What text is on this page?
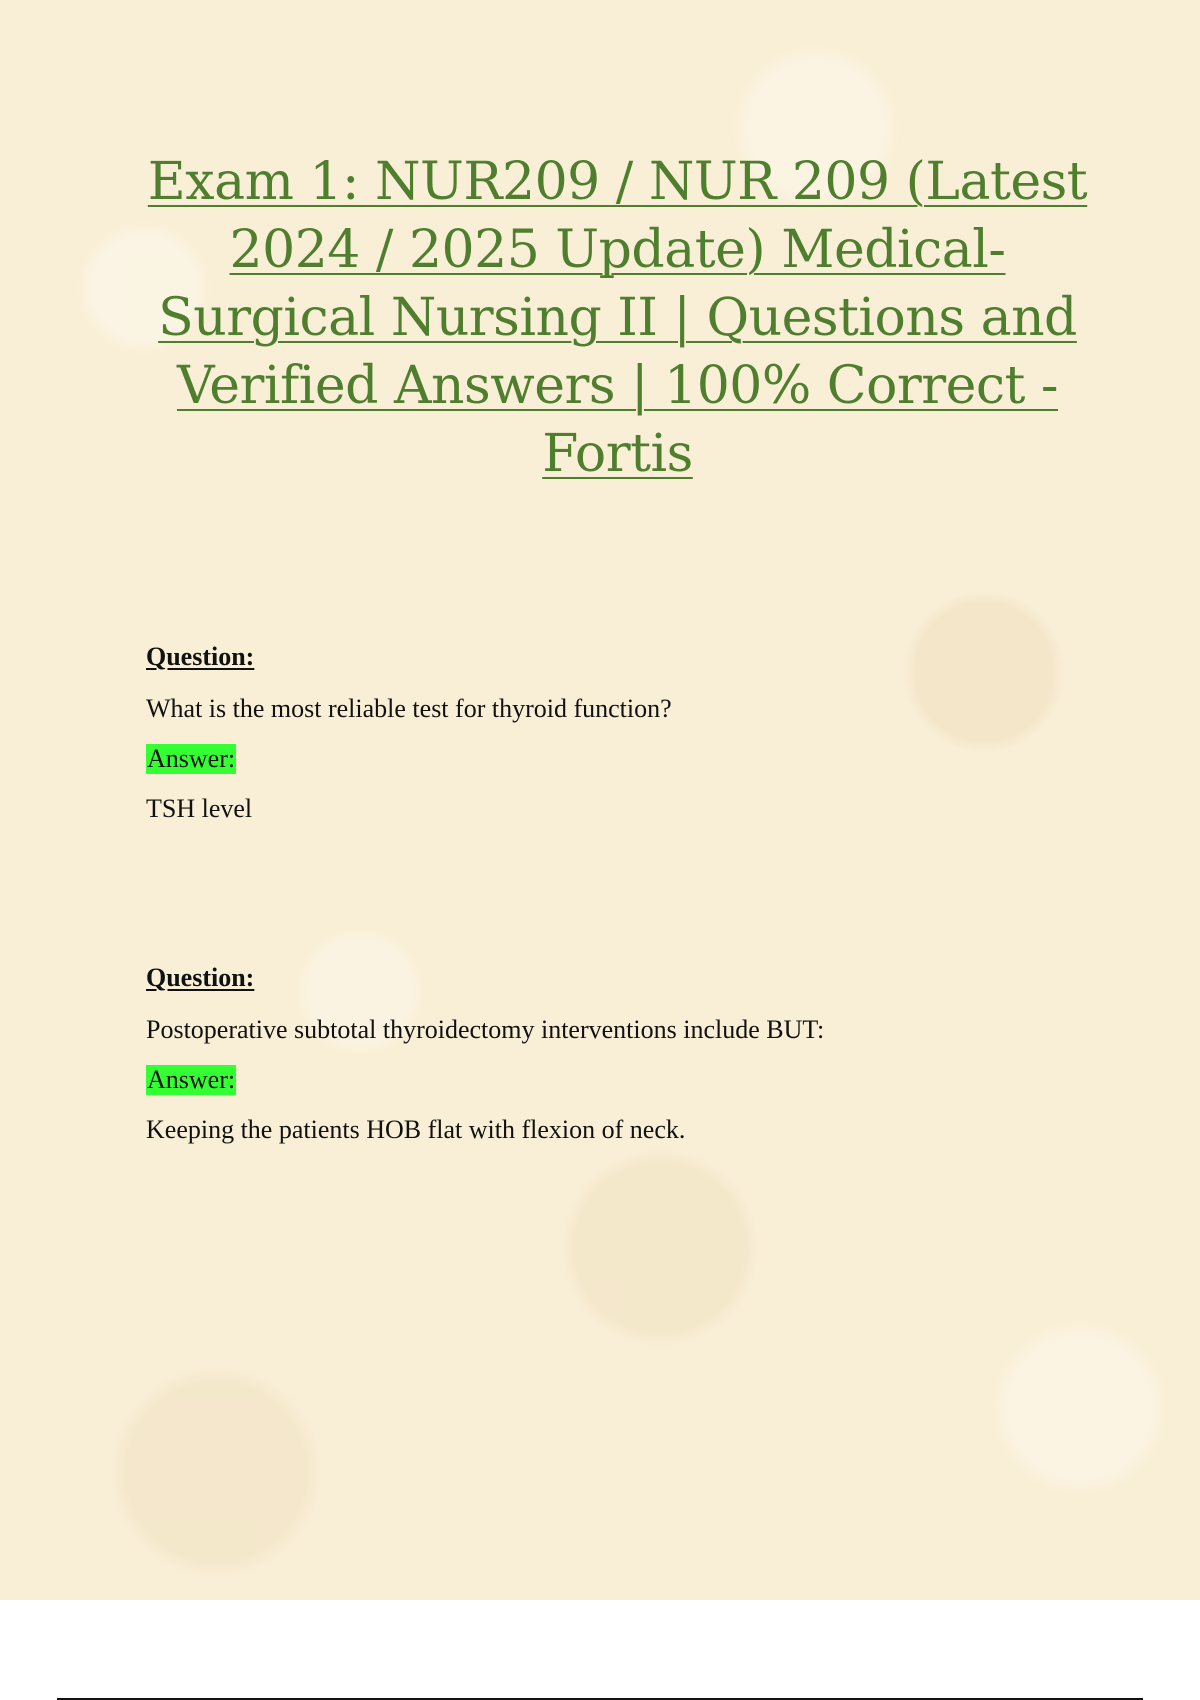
Exam 1: NUR209 / NUR 209 (Latest 2024 / 2025 Update) Medical-Surgical Nursing II | Questions and Verified Answers | 100% Correct - Fortis

Question:

What is the most reliable test for thyroid function?

Answer:

TSH level

Question:

Postoperative subtotal thyroidectomy interventions include BUT:

Answer:

Keeping the patients HOB flat with flexion of neck.
